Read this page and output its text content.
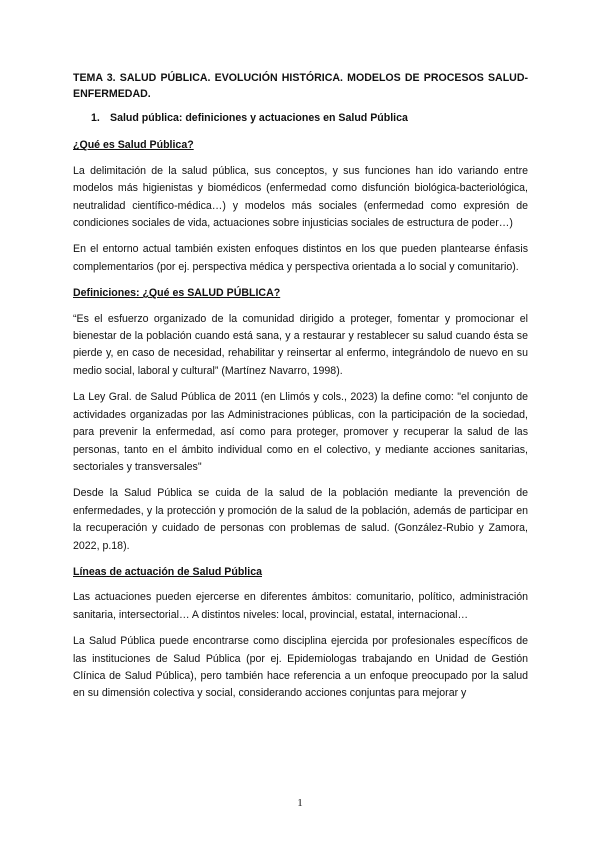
TEMA 3. SALUD PÚBLICA. EVOLUCIÓN HISTÓRICA. MODELOS DE PROCESOS SALUD-ENFERMEDAD.
1. Salud pública: definiciones y actuaciones en Salud Pública
¿Qué es Salud Pública?

La delimitación de la salud pública, sus conceptos, y sus funciones han ido variando entre modelos más higienistas y biomédicos (enfermedad como disfunción biológica-bacteriológica, neutralidad científico-médica…) y modelos más sociales (enfermedad como expresión de condiciones sociales de vida, actuaciones sobre injusticias sociales de estructura de poder…)

En el entorno actual también existen enfoques distintos en los que pueden plantearse énfasis complementarios (por ej. perspectiva médica y perspectiva orientada a lo social y comunitario).

Definiciones: ¿Qué es SALUD PÚBLICA?

“Es el esfuerzo organizado de la comunidad dirigido a proteger, fomentar y promocionar el bienestar de la población cuando está sana, y a restaurar y restablecer su salud cuando ésta se pierde y, en caso de necesidad, rehabilitar y reinsertar al enfermo, integrándolo de nuevo en su medio social, laboral y cultural” (Martínez Navarro, 1998).

La Ley Gral. de Salud Pública de 2011 (en Llimós y cols., 2023) la define como: "el conjunto de actividades organizadas por las Administraciones públicas, con la participación de la sociedad, para prevenir la enfermedad, así como para proteger, promover y recuperar la salud de las personas, tanto en el ámbito individual como en el colectivo, y mediante acciones sanitarias, sectoriales y transversales"

Desde la Salud Pública se cuida de la salud de la población mediante la prevención de enfermedades, y la protección y promoción de la salud de la población, además de participar en la recuperación y cuidado de personas con problemas de salud. (González-Rubio y Zamora, 2022, p.18).

Líneas de actuación de Salud Pública

Las actuaciones pueden ejercerse en diferentes ámbitos: comunitario, político, administración sanitaria, intersectorial… A distintos niveles: local, provincial, estatal, internacional…

La Salud Pública puede encontrarse como disciplina ejercida por profesionales específicos de las instituciones de Salud Pública (por ej. Epidemiologas trabajando en Unidad de Gestión Clínica de Salud Pública), pero también hace referencia a un enfoque preocupado por la salud en su dimensión colectiva y social, considerando acciones conjuntas para mejorar y

1
